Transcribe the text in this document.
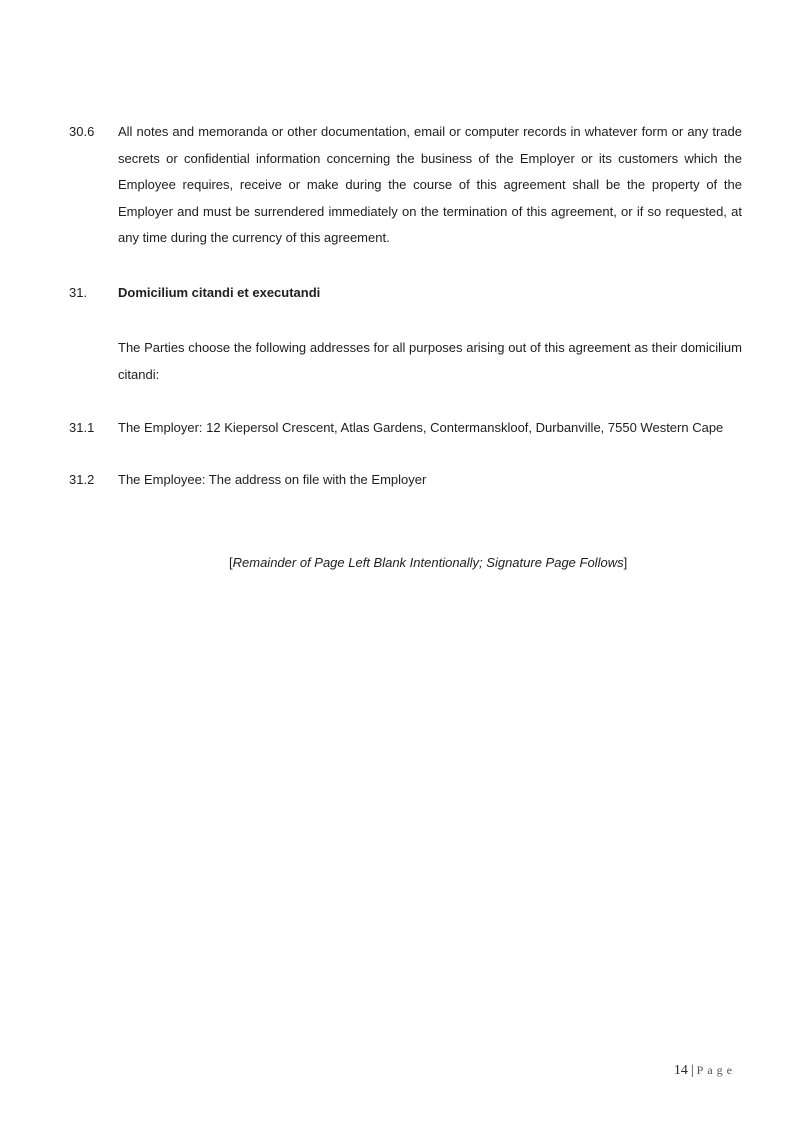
30.6 All notes and memoranda or other documentation, email or computer records in whatever form or any trade secrets or confidential information concerning the business of the Employer or its customers which the Employee requires, receive or make during the course of this agreement shall be the property of the Employer and must be surrendered immediately on the termination of this agreement, or if so requested, at any time during the currency of this agreement.
31. Domicilium citandi et executandi
The Parties choose the following addresses for all purposes arising out of this agreement as their domicilium citandi:
31.1 The Employer: 12 Kiepersol Crescent, Atlas Gardens, Contermanskloof, Durbanville, 7550 Western Cape
31.2 The Employee: The address on file with the Employer
[Remainder of Page Left Blank Intentionally; Signature Page Follows]
14 | Page
